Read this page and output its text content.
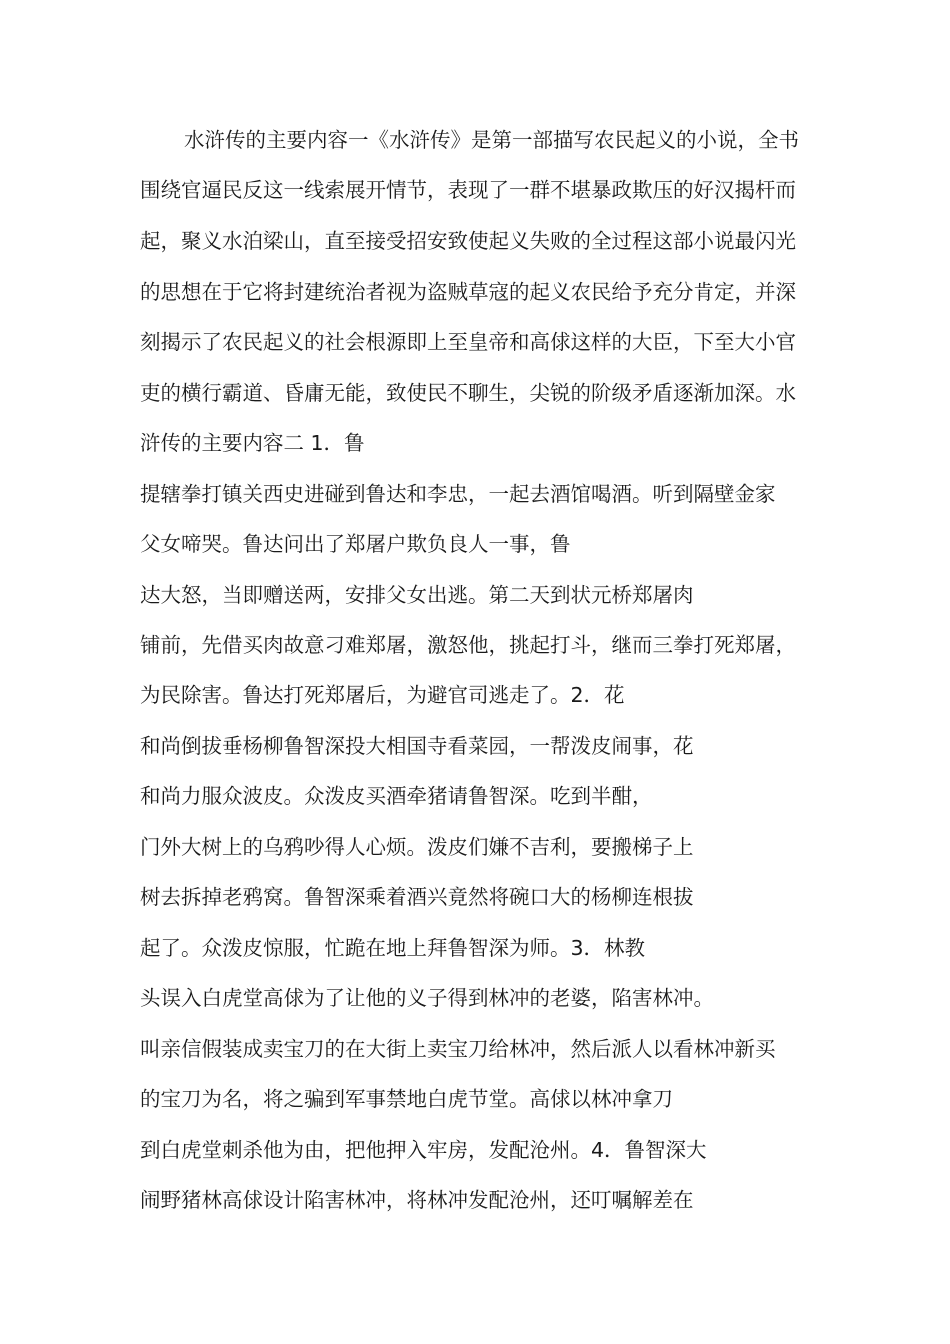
水浒传的主要内容一《水浒传》是第一部描写农民起义的小说，全书
围绕官逼民反这一线索展开情节，表现了一群不堪暴政欺压的好汉揭杆而
起，聚义水泊梁山，直至接受招安致使起义失败的全过程这部小说最闪光
的思想在于它将封建统治者视为盗贼草寇的起义农民给予充分肯定，并深
刻揭示了农民起义的社会根源即上至皇帝和高俅这样的大臣，下至大小官
吏的横行霸道、昏庸无能，致使民不聊生，尖锐的阶级矛盾逐渐加深。水
浒传的主要内容二 1．鲁
提辖拳打镇关西史进碰到鲁达和李忠，一起去酒馆喝酒。听到隔壁金家
父女啼哭。鲁达问出了郑屠户欺负良人一事，鲁
达大怒，当即赠送两，安排父女出逃。第二天到状元桥郑屠肉
铺前，先借买肉故意刁难郑屠，激怒他，挑起打斗，继而三拳打死郑屠，
为民除害。鲁达打死郑屠后，为避官司逃走了。2．花
和尚倒拔垂杨柳鲁智深投大相国寺看菜园，一帮泼皮闹事，花
和尚力服众波皮。众泼皮买酒牵猪请鲁智深。吃到半酣，
门外大树上的乌鸦吵得人心烦。泼皮们嫌不吉利，要搬梯子上
树去拆掉老鸦窝。鲁智深乘着酒兴竟然将碗口大的杨柳连根拔
起了。众泼皮惊服，忙跪在地上拜鲁智深为师。3．林教
头误入白虎堂高俅为了让他的义子得到林冲的老婆，陷害林冲。
叫亲信假装成卖宝刀的在大街上卖宝刀给林冲，然后派人以看林冲新买
的宝刀为名，将之骗到军事禁地白虎节堂。高俅以林冲拿刀
到白虎堂刺杀他为由，把他押入牢房，发配沧州。4．鲁智深大
闹野猪林高俅设计陷害林冲，将林冲发配沧州，还叮嘱解差在
